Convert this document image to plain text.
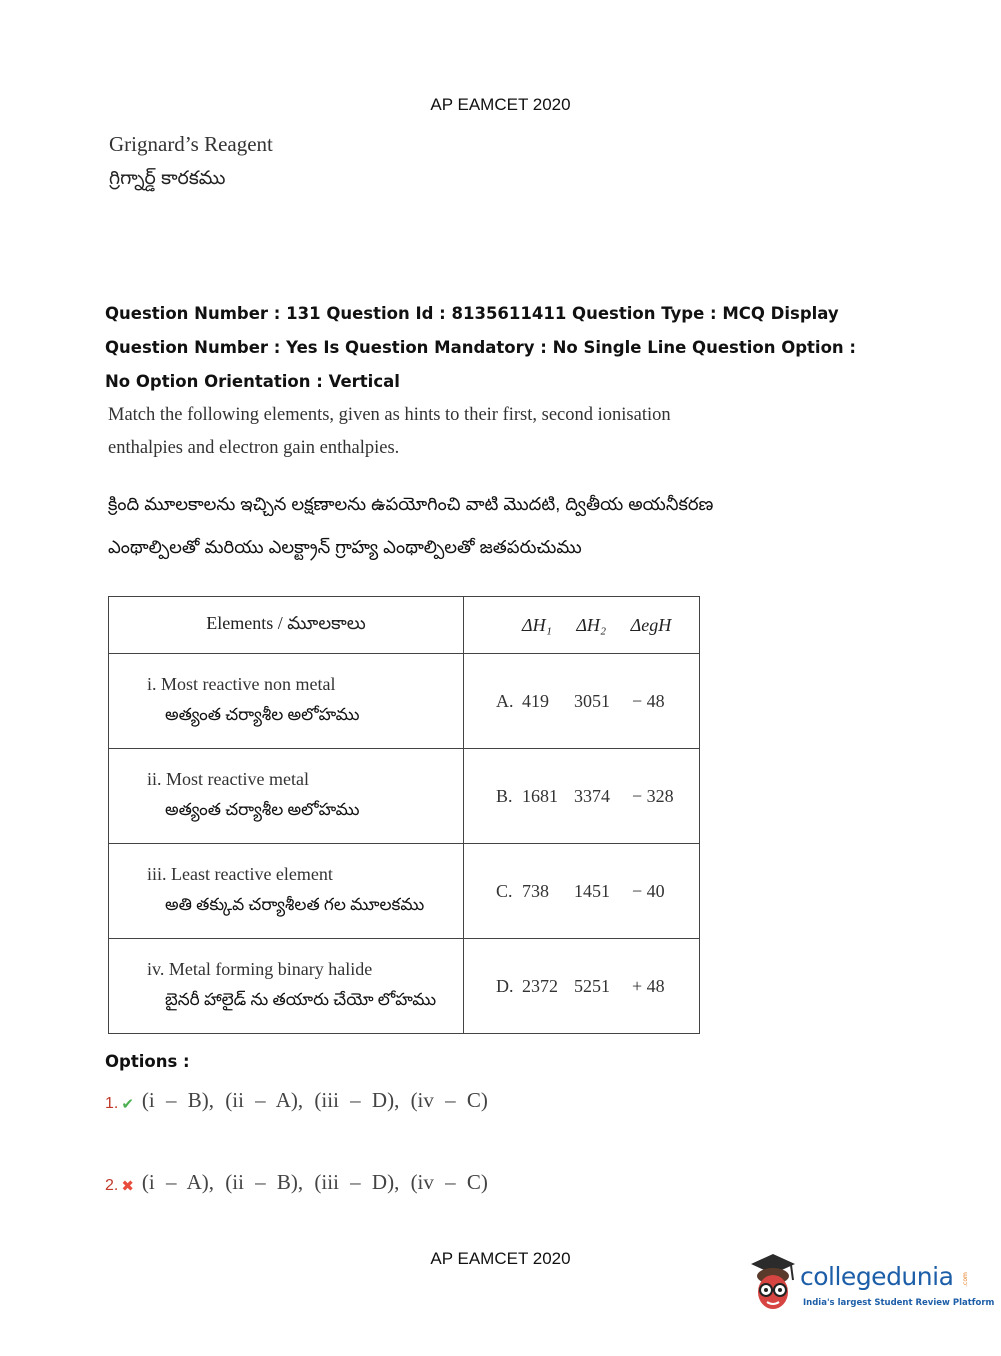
AP EAMCET 2020
Grignard’s Reagent
గ్రిగ్నార్డ్ కారకము
Question Number : 131 Question Id : 8135611411 Question Type : MCQ Display Question Number : Yes Is Question Mandatory : No Single Line Question Option : No Option Orientation : Vertical
Match the following elements, given as hints to their first, second ionisation enthalpies and electron gain enthalpies.
క్రింది మూలకాలను ఇచ్చిన లక్షణాలను ఉపయోగించి వాటి మొదటి, ద్వితీయ అయనీకరణ ఎంథాల్పిలతో మరియు ఎలక్ట్రాన్ గ్రాహ్య ఎంథాల్పిలతో జతపరుచుము
Elements / మూలకాలు	ΔH₁ ΔH₂ ΔegH

i. Most reactive non metal
అత్యంత చర్యాశీల అలోహము	A. 419 3051 − 48

ii. Most reactive metal
అత్యంత చర్యాశీల అలోహము	B. 1681 3374 − 328

iii. Least reactive element
అతి తక్కువ చర్యాశీలత గల మూలకము	C. 738 1451 − 40

iv. Metal forming binary halide
బైనరీ హాలైడ్ ను తయారు చేయో లోహము	D. 2372 5251 + 48
Options :
1. ✔ (i – B), (ii – A), (iii – D), (iv – C)
2. ✖ (i – A), (ii – B), (iii – D), (iv – C)
AP EAMCET 2020
collegedunia .com
India's largest Student Review Platform
